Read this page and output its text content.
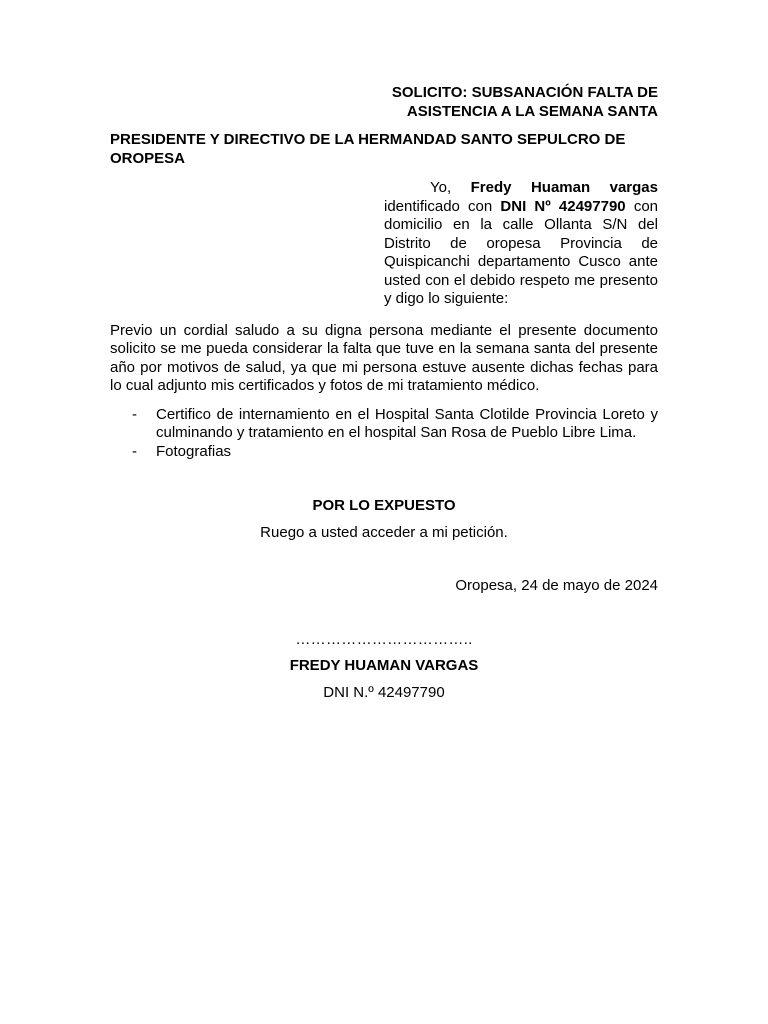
SOLICITO: SUBSANACIÓN FALTA DE
ASISTENCIA A LA SEMANA SANTA
PRESIDENTE Y DIRECTIVO DE LA HERMANDAD SANTO SEPULCRO DE OROPESA
Yo, Fredy Huaman vargas identificado con DNI Nº 42497790 con domicilio en la calle Ollanta S/N del Distrito de oropesa Provincia de Quispicanchi departamento Cusco ante usted con el debido respeto me presento y digo lo siguiente:
Previo un cordial saludo a su digna persona mediante el presente documento solicito se me pueda considerar la falta que tuve en la semana santa del presente año por motivos de salud, ya que mi persona estuve ausente dichas fechas para lo cual adjunto mis certificados y fotos de mi tratamiento médico.
- Certifico de internamiento en el Hospital Santa Clotilde Provincia Loreto y culminando y tratamiento en el hospital San Rosa de Pueblo Libre Lima.
- Fotografias
POR LO EXPUESTO
Ruego a usted acceder a mi petición.
Oropesa, 24 de mayo de 2024
……………………………..
FREDY HUAMAN VARGAS
DNI N.º 42497790
